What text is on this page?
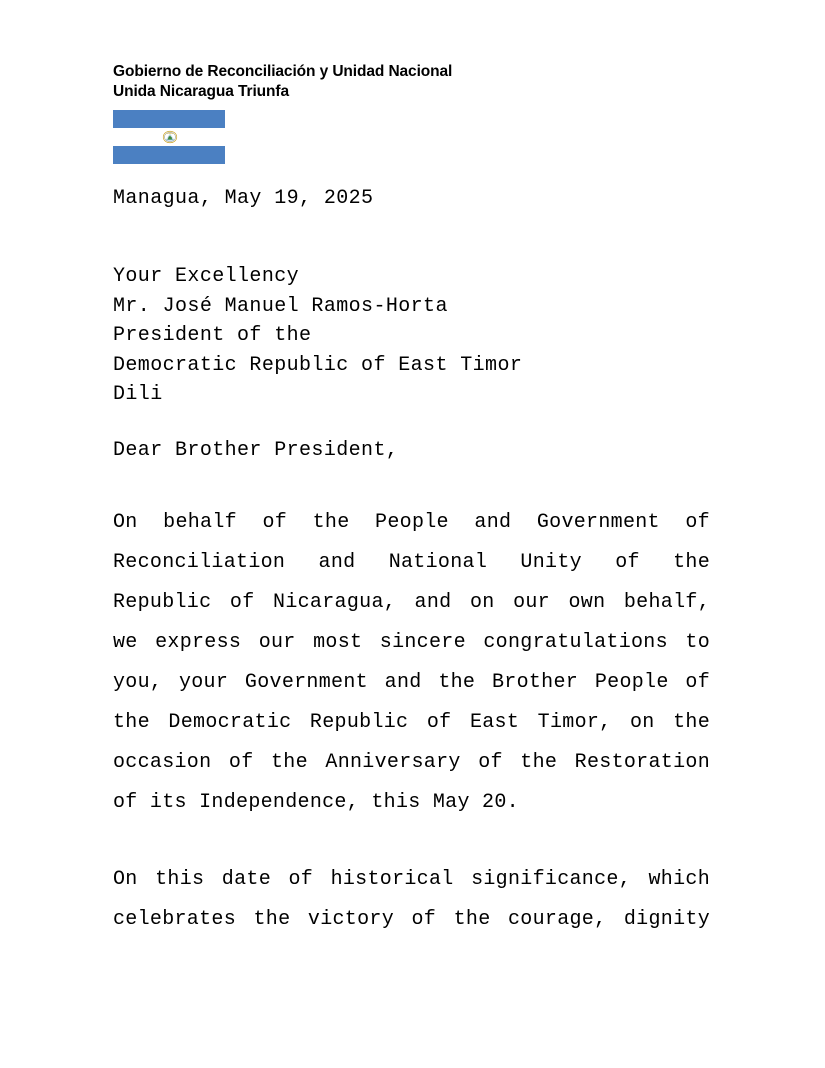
Gobierno de Reconciliación y Unidad Nacional
Unida Nicaragua Triunfa
Managua, May 19, 2025
Your Excellency
Mr. José Manuel Ramos-Horta
President of the
Democratic Republic of East Timor
Dili
Dear Brother President,
On behalf of the People and Government of
Reconciliation and National Unity of the
Republic of Nicaragua, and on our own behalf,
we express our most sincere congratulations to
you, your Government and the Brother People of
the Democratic Republic of East Timor, on the
occasion of the Anniversary of the Restoration
of its Independence, this May 20.
On this date of historical significance, which
celebrates the victory of the courage, dignity
